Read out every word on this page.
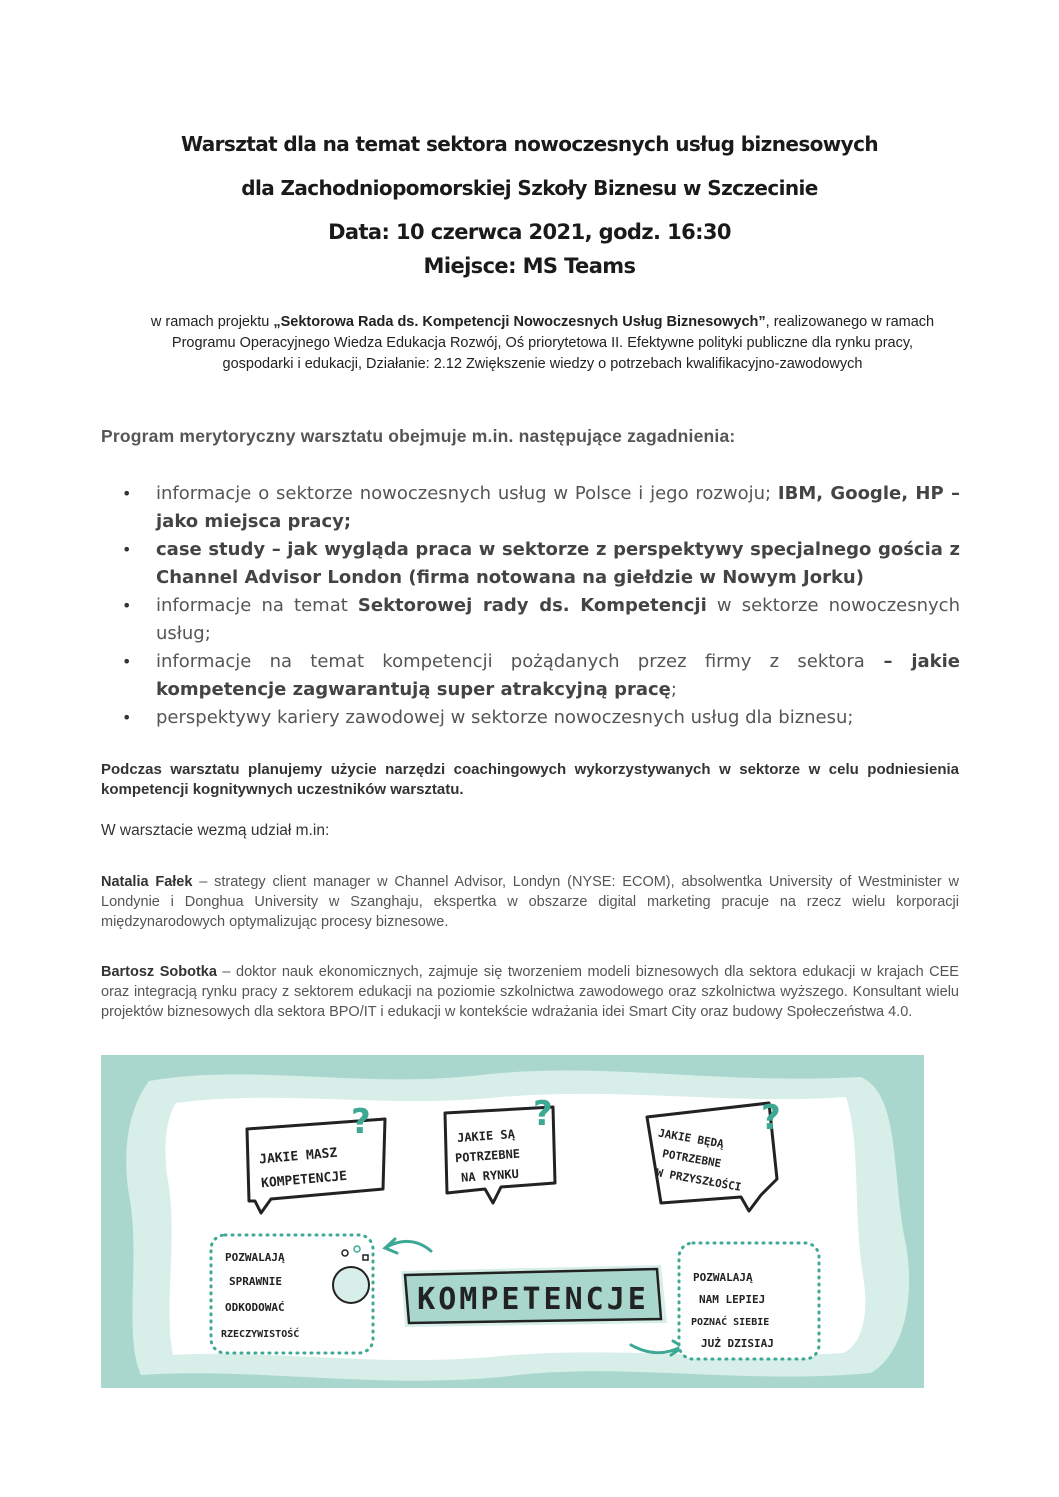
Warsztat dla na temat sektora nowoczesnych usług biznesowych
dla Zachodniopomorskiej Szkoły Biznesu w Szczecinie
Data: 10 czerwca 2021, godz. 16:30
Miejsce: MS Teams
w ramach projektu „Sektorowa Rada ds. Kompetencji Nowoczesnych Usług Biznesowych”, realizowanego w ramach Programu Operacyjnego Wiedza Edukacja Rozwój, Oś priorytetowa II. Efektywne polityki publiczne dla rynku pracy, gospodarki i edukacji, Działanie: 2.12 Zwiększenie wiedzy o potrzebach kwalifikacyjno-zawodowych
Program merytoryczny warsztatu obejmuje m.in. następujące zagadnienia:
• informacje o sektorze nowoczesnych usług w Polsce i jego rozwoju; IBM, Google, HP – jako miejsca pracy;
• case study – jak wygląda praca w sektorze z perspektywy specjalnego gościa z Channel Advisor London (firma notowana na giełdzie w Nowym Jorku)
• informacje na temat Sektorowej rady ds. Kompetencji w sektorze nowoczesnych usług;
• informacje na temat kompetencji pożądanych przez firmy z sektora – jakie kompetencje zagwarantują super atrakcyjną pracę;
• perspektywy kariery zawodowej w sektorze nowoczesnych usług dla biznesu;
Podczas warsztatu planujemy użycie narzędzi coachingowych wykorzystywanych w sektorze w celu podniesienia kompetencji kognitywnych uczestników warsztatu.
W warsztacie wezmą udział m.in:
Natalia Fałek – strategy client manager w Channel Advisor, Londyn (NYSE: ECOM), absolwentka University of Westminister w Londynie i Donghua University w Szanghaju, ekspertka w obszarze digital marketing pracuje na rzecz wielu korporacji międzynarodowych optymalizując procesy biznesowe.
Bartosz Sobotka – doktor nauk ekonomicznych, zajmuje się tworzeniem modeli biznesowych dla sektora edukacji w krajach CEE oraz integracją rynku pracy z sektorem edukacji na poziomie szkolnictwa zawodowego oraz szkolnictwa wyższego. Konsultant wielu projektów biznesowych dla sektora BPO/IT i edukacji w kontekście wdrażania idei Smart City oraz budowy Społeczeństwa 4.0.
JAKIE MASZ
KOMPETENCJE
?	JAKIE SĄ
POTRZEBNE
NA RYNKU
?
JAKIE BĘDĄ
POTRZEBNE
W PRZYSZŁOŚCI
?
POZWALAJĄ
SPRAWNIE
ODKODOWAĆ
RZECZYWISTOŚĆ
KOMPETENCJE
POZWALAJĄ
NAM LEPIEJ
POZNAĆ SIEBIE
JUŻ DZISIAJ
